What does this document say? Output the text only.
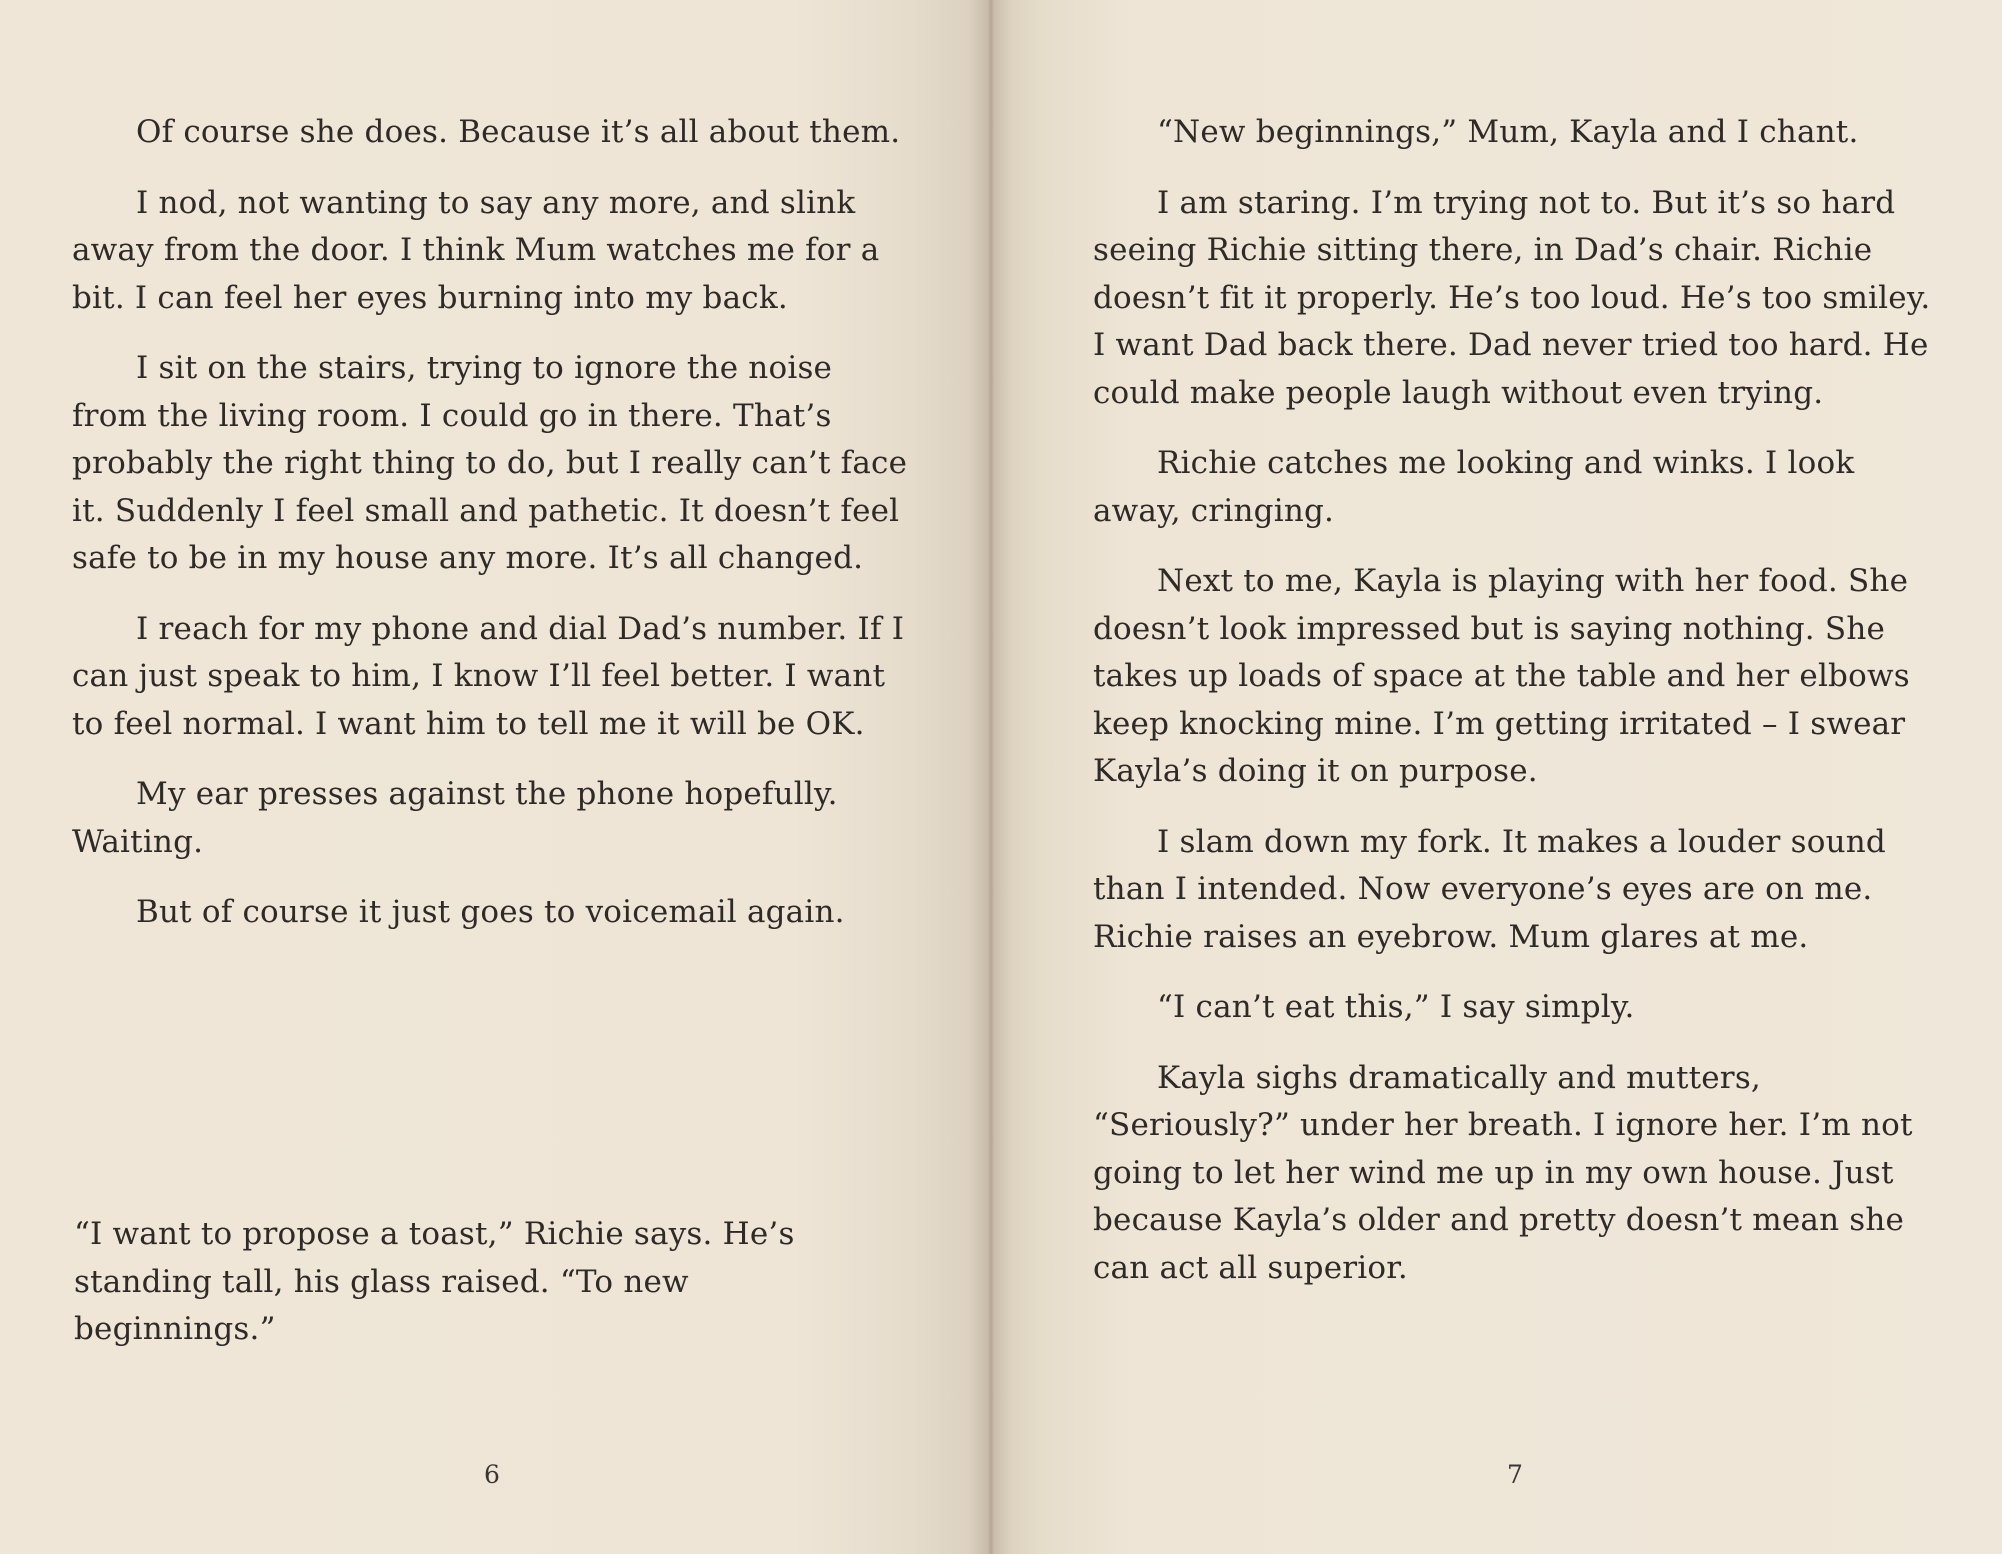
Of course she does. Because it’s all about them.

I nod, not wanting to say any more, and slink away from the door. I think Mum watches me for a bit. I can feel her eyes burning into my back.

I sit on the stairs, trying to ignore the noise from the living room. I could go in there. That’s probably the right thing to do, but I really can’t face it. Suddenly I feel small and pathetic. It doesn’t feel safe to be in my house any more. It’s all changed.

I reach for my phone and dial Dad’s number. If I can just speak to him, I know I’ll feel better. I want to feel normal. I want him to tell me it will be OK.

My ear presses against the phone hopefully. Waiting.

But of course it just goes to voicemail again.

“I want to propose a toast,” Richie says. He’s standing tall, his glass raised. “To new beginnings.”

6

“New beginnings,” Mum, Kayla and I chant.

I am staring. I’m trying not to. But it’s so hard seeing Richie sitting there, in Dad’s chair. Richie doesn’t fit it properly. He’s too loud. He’s too smiley. I want Dad back there. Dad never tried too hard. He could make people laugh without even trying.

Richie catches me looking and winks. I look away, cringing.

Next to me, Kayla is playing with her food. She doesn’t look impressed but is saying nothing. She takes up loads of space at the table and her elbows keep knocking mine. I’m getting irritated – I swear Kayla’s doing it on purpose.

I slam down my fork. It makes a louder sound than I intended. Now everyone’s eyes are on me. Richie raises an eyebrow. Mum glares at me.

“I can’t eat this,” I say simply.

Kayla sighs dramatically and mutters, “Seriously?” under her breath. I ignore her. I’m not going to let her wind me up in my own house. Just because Kayla’s older and pretty doesn’t mean she can act all superior.

7
